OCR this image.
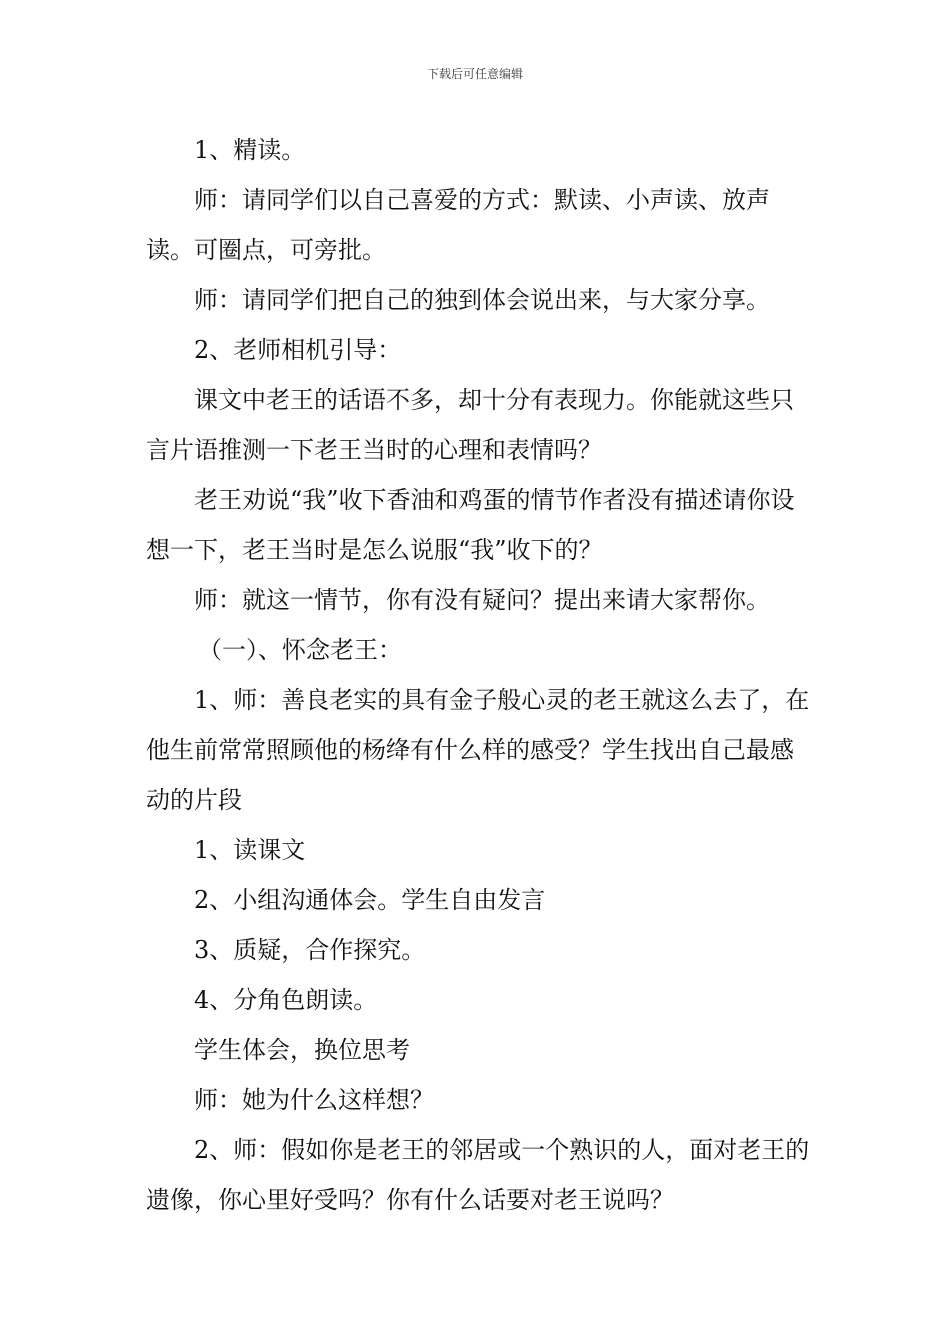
下载后可任意编辑

1、精读。

师：请同学们以自己喜爱的方式：默读、小声读、放声读。可圈点，可旁批。

师：请同学们把自己的独到体会说出来，与大家分享。

2、老师相机引导：

课文中老王的话语不多，却十分有表现力。你能就这些只言片语推测一下老王当时的心理和表情吗？

老王劝说“我”收下香油和鸡蛋的情节作者没有描述请你设想一下，老王当时是怎么说服“我”收下的？

师：就这一情节，你有没有疑问？提出来请大家帮你。

（一）、怀念老王：

1、师：善良老实的具有金子般心灵的老王就这么去了，在他生前常常照顾他的杨绛有什么样的感受？学生找出自己最感动的片段

1、读课文

2、小组沟通体会。学生自由发言

3、质疑，合作探究。

4、分角色朗读。

学生体会，换位思考

师：她为什么这样想？

2、师：假如你是老王的邻居或一个熟识的人，面对老王的遗像，你心里好受吗？你有什么话要对老王说吗？
